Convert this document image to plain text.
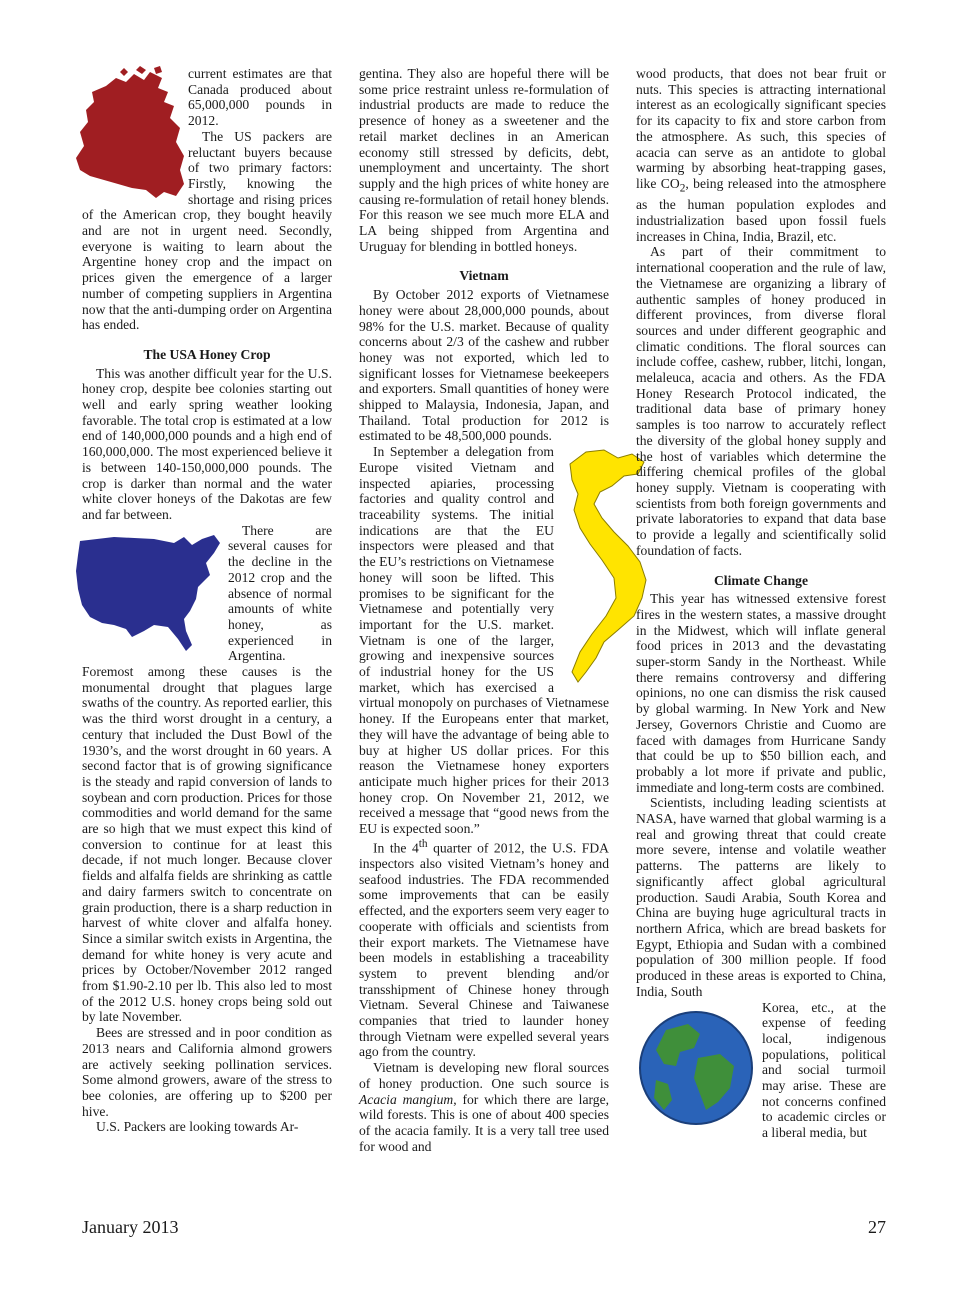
current estimates are that Canada produced about 65,000,000 pounds in 2012.

The US packers are reluctant buyers because of two primary factors: Firstly, knowing the shortage and rising prices of the American crop, they bought heavily and are not in urgent need. Secondly, everyone is waiting to learn about the Argentine honey crop and the impact on prices given the emergence of a larger number of competing suppliers in Argentina now that the anti-dumping order on Argentina has ended.

The USA Honey Crop

This was another difficult year for the U.S. honey crop, despite bee colonies starting out well and early spring weather looking favorable. The total crop is estimated at a low end of 140,000,000 pounds and a high end of 160,000,000. The most experienced believe it is between 140-150,000,000 pounds. The crop is darker than normal and the water white clover honeys of the Dakotas are few and far between.

There are several causes for the decline in the 2012 crop and the absence of normal amounts of white honey, as experienced in Argentina. Foremost among these causes is the monumental drought that plagues large swaths of the country. As reported earlier, this was the third worst drought in a century, a century that included the Dust Bowl of the 1930’s, and the worst drought in 60 years. A second factor that is of growing significance is the steady and rapid conversion of lands to soybean and corn production. Prices for those commodities and world demand for the same are so high that we must expect this kind of conversion to continue for at least this decade, if not much longer. Because clover fields and alfalfa fields are shrinking as cattle and dairy farmers switch to concentrate on grain production, there is a sharp reduction in harvest of white clover and alfalfa honey. Since a similar switch exists in Argentina, the demand for white honey is very acute and prices by October/November 2012 ranged from $1.90-2.10 per lb. This also led to most of the 2012 U.S. honey crops being sold out by late November.

Bees are stressed and in poor condition as 2013 nears and California almond growers are actively seeking pollination services. Some almond growers, aware of the stress to bee colonies, are offering up to $200 per hive.

U.S. Packers are looking towards Ar-

gentina. They also are hopeful there will be some price restraint unless re-formulation of industrial products are made to reduce the presence of honey as a sweetener and the retail market declines in an American economy still stressed by deficits, debt, unemployment and uncertainty. The short supply and the high prices of white honey are causing re-formulation of retail honey blends. For this reason we see much more ELA and LA being shipped from Argentina and Uruguay for blending in bottled honeys.

Vietnam

By October 2012 exports of Vietnamese honey were about 28,000,000 pounds, about 98% for the U.S. market. Because of quality concerns about 2/3 of the cashew and rubber honey was not exported, which led to significant losses for Vietnamese beekeepers and exporters. Small quantities of honey were shipped to Malaysia, Indonesia, Japan, and Thailand. Total production for 2012 is estimated to be 48,500,000 pounds.

In September a delegation from Europe visited Vietnam and inspected apiaries, processing factories and quality control and traceability systems. The initial indications are that the EU inspectors were pleased and that the EU’s restrictions on Vietnamese honey will soon be lifted. This promises to be significant for the Vietnamese and potentially very important for the U.S. market. Vietnam is one of the larger, growing and inexpensive sources of industrial honey for the US market, which has exercised a virtual monopoly on purchases of Vietnamese honey. If the Europeans enter that market, they will have the advantage of being able to buy at higher US dollar prices. For this reason the Vietnamese honey exporters anticipate much higher prices for their 2013 honey crop. On November 21, 2012, we received a message that “good news from the EU is expected soon.”

In the 4th quarter of 2012, the U.S. FDA inspectors also visited Vietnam’s honey and seafood industries. The FDA recommended some improvements that can be easily effected, and the exporters seem very eager to cooperate with officials and scientists from their export markets. The Vietnamese have been models in establishing a traceability system to prevent blending and/or transshipment of Chinese honey through Vietnam. Several Chinese and Taiwanese companies that tried to launder honey through Vietnam were expelled several years ago from the country.

Vietnam is developing new floral sources of honey production. One such source is Acacia mangium, for which there are large, wild forests. This is one of about 400 species of the acacia family. It is a very tall tree used for wood and

wood products, that does not bear fruit or nuts. This species is attracting international interest as an ecologically significant species for its capacity to fix and store carbon from the atmosphere. As such, this species of acacia can serve as an antidote to global warming by absorbing heat-trapping gases, like $CO_2$, being released into the atmosphere as the human population explodes and industrialization based upon fossil fuels increases in China, India, Brazil, etc.

As part of their commitment to international cooperation and the rule of law, the Vietnamese are organizing a library of authentic samples of honey produced in different provinces, from diverse floral sources and under different geographic and climatic conditions. The floral sources can include coffee, cashew, rubber, litchi, longan, melaleuca, acacia and others. As the FDA Honey Research Protocol indicated, the traditional data base of primary honey samples is too narrow to accurately reflect the diversity of the global honey supply and the host of variables which determine the differing chemical profiles of the global honey supply. Vietnam is cooperating with scientists from both foreign governments and private laboratories to expand that data base to provide a legally and scientifically solid foundation of facts.

Climate Change

This year has witnessed extensive forest fires in the western states, a massive drought in the Midwest, which will inflate general food prices in 2013 and the devastating super-storm Sandy in the Northeast. While there remains controversy and differing opinions, no one can dismiss the risk caused by global warming. In New York and New Jersey, Governors Christie and Cuomo are faced with damages from Hurricane Sandy that could be up to $50 billion each, and probably a lot more if private and public, immediate and long-term costs are combined.

Scientists, including leading scientists at NASA, have warned that global warming is a real and growing threat that could create more severe, intense and volatile weather patterns. The patterns are likely to significantly affect global agricultural production. Saudi Arabia, South Korea and China are buying huge agricultural tracts in northern Africa, which are bread baskets for Egypt, Ethiopia and Sudan with a combined population of 300 million people. If food produced in these areas is exported to China, India, South

Korea, etc., at the expense of feeding local, indigenous populations, political and social turmoil may arise. These are not concerns confined to academic circles or a liberal media, but

January 2013	27
